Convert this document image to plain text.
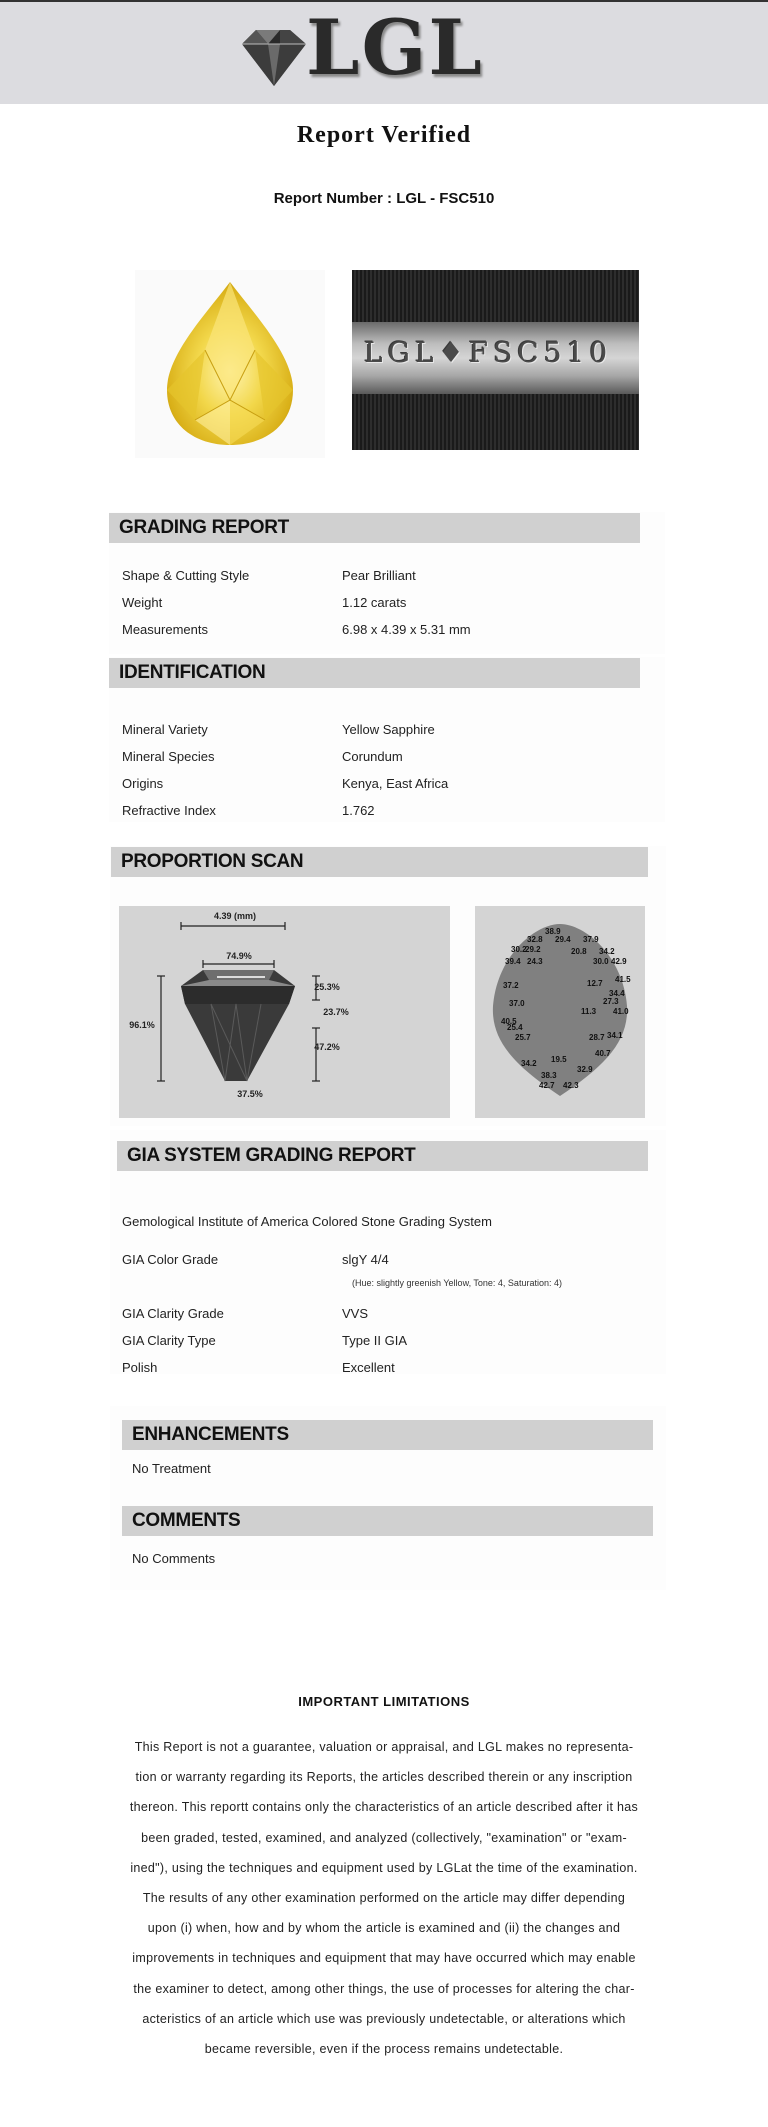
LGL
Report Verified
Report Number : LGL - FSC510
LGL♦FSC510
GRADING REPORT
Shape & Cutting Style	Pear Brilliant
Weight	1.12 carats
Measurements	6.98 x 4.39 x 5.31 mm
IDENTIFICATION
Mineral Variety	Yellow Sapphire
Mineral Species	Corundum
Origins	Kenya, East Africa
Refractive Index	1.762
PROPORTION SCAN
4.39 (mm)
74.9%
96.1%
25.3%
23.7%
47.2%
37.5%
38.9
32.8 29.4 37.9
30.2
29.2	20.8 34.2
39.4 24.3	30.0 42.9
37.2	12.7 41.5
34.4
27.3
37.0
11.3 41.0
40.5
25.4
25.7	34.1
28.7
40.7
34.2 19.5
32.9
38.3
42.7 42.3
GIA SYSTEM GRADING REPORT
Gemological Institute of America Colored Stone Grading System
GIA Color Grade	slgY 4/4
(Hue: slightly greenish Yellow, Tone: 4, Saturation: 4)
GIA Clarity Grade	VVS
GIA Clarity Type	Type II GIA
Polish	Excellent
ENHANCEMENTS
No Treatment
COMMENTS
No Comments
IMPORTANT LIMITATIONS
This Report is not a guarantee, valuation or appraisal, and LGL makes no representa-
tion or warranty regarding its Reports, the articles described therein or any inscription
thereon. This reportt contains only the characteristics of an article described after it has
been graded, tested, examined, and analyzed (collectively, "examination" or "exam-
ined"), using the techniques and equipment used by LGLat the time of the examination.
The results of any other examination performed on the article may differ depending
upon (i) when, how and by whom the article is examined and (ii) the changes and
improvements in techniques and equipment that may have occurred which may enable
the examiner to detect, among other things, the use of processes for altering the char-
acteristics of an article which use was previously undetectable, or alterations which
became reversible, even if the process remains undetectable.
